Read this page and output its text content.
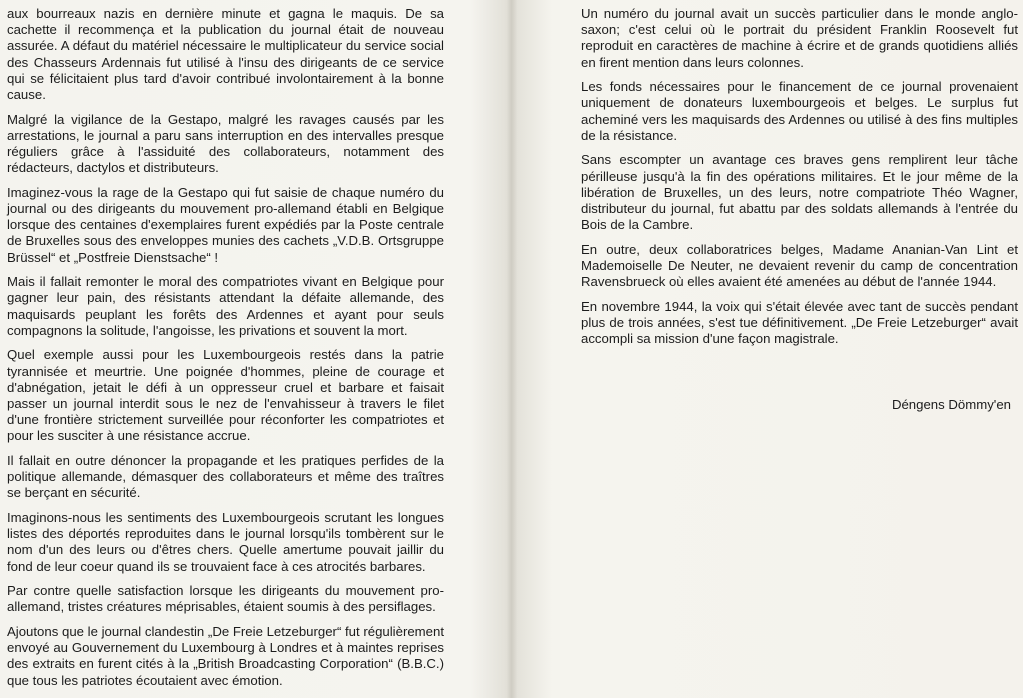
aux bourreaux nazis en dernière minute et gagna le maquis. De sa cachette il recommença et la publication du journal était de nouveau assurée. A défaut du matériel nécessaire le multiplicateur du service social des Chasseurs Ardennais fut utilisé à l'insu des dirigeants de ce service qui se félicitaient plus tard d'avoir contribué involontairement à la bonne cause.

Malgré la vigilance de la Gestapo, malgré les ravages causés par les arrestations, le journal a paru sans interruption en des intervalles presque réguliers grâce à l'assiduité des collaborateurs, notamment des rédacteurs, dactylos et distributeurs.

Imaginez-vous la rage de la Gestapo qui fut saisie de chaque numéro du journal ou des dirigeants du mouvement pro-allemand établi en Belgique lorsque des centaines d'exemplaires furent expédiés par la Poste centrale de Bruxelles sous des enveloppes munies des cachets „V.D.B. Ortsgruppe Brüssel“ et „Postfreie Dienstsache“ !

Mais il fallait remonter le moral des compatriotes vivant en Belgique pour gagner leur pain, des résistants attendant la défaite allemande, des maquisards peuplant les forêts des Ardennes et ayant pour seuls compagnons la solitude, l'angoisse, les privations et souvent la mort.

Quel exemple aussi pour les Luxembourgeois restés dans la patrie tyrannisée et meurtrie. Une poignée d'hommes, pleine de courage et d'abnégation, jetait le défi à un oppresseur cruel et barbare et faisait passer un journal interdit sous le nez de l'envahisseur à travers le filet d'une frontière strictement surveillée pour réconforter les compatriotes et pour les susciter à une résistance accrue.

Il fallait en outre dénoncer la propagande et les pratiques perfides de la politique allemande, démasquer des collaborateurs et même des traîtres se berçant en sécurité.

Imaginons-nous les sentiments des Luxembourgeois scrutant les longues listes des déportés reproduites dans le journal lorsqu'ils tombèrent sur le nom d'un des leurs ou d'êtres chers. Quelle amertume pouvait jaillir du fond de leur coeur quand ils se trouvaient face à ces atrocités barbares.

Par contre quelle satisfaction lorsque les dirigeants du mouvement pro-allemand, tristes créatures méprisables, étaient soumis à des persiflages.

Ajoutons que le journal clandestin „De Freie Letzeburger“ fut régulièrement envoyé au Gouvernement du Luxembourg à Londres et à maintes reprises des extraits en furent cités à la „British Broadcasting Corporation“ (B.B.C.) que tous les patriotes écoutaient avec émotion.

Un numéro du journal avait un succès particulier dans le monde anglo-saxon; c'est celui où le portrait du président Franklin Roosevelt fut reproduit en caractères de machine à écrire et de grands quotidiens alliés en firent mention dans leurs colonnes.

Les fonds nécessaires pour le financement de ce journal provenaient uniquement de donateurs luxembourgeois et belges. Le surplus fut acheminé vers les maquisards des Ardennes ou utilisé à des fins multiples de la résistance.

Sans escompter un avantage ces braves gens remplirent leur tâche périlleuse jusqu'à la fin des opérations militaires. Et le jour même de la libération de Bruxelles, un des leurs, notre compatriote Théo Wagner, distributeur du journal, fut abattu par des soldats allemands à l'entrée du Bois de la Cambre.

En outre, deux collaboratrices belges, Madame Ananian-Van Lint et Mademoiselle De Neuter, ne devaient revenir du camp de concentration Ravensbrueck où elles avaient été amenées au début de l'année 1944.

En novembre 1944, la voix qui s'était élevée avec tant de succès pendant plus de trois années, s'est tue définitivement. „De Freie Letzeburger“ avait accompli sa mission d'une façon magistrale.

Déngens Dömmy'en
